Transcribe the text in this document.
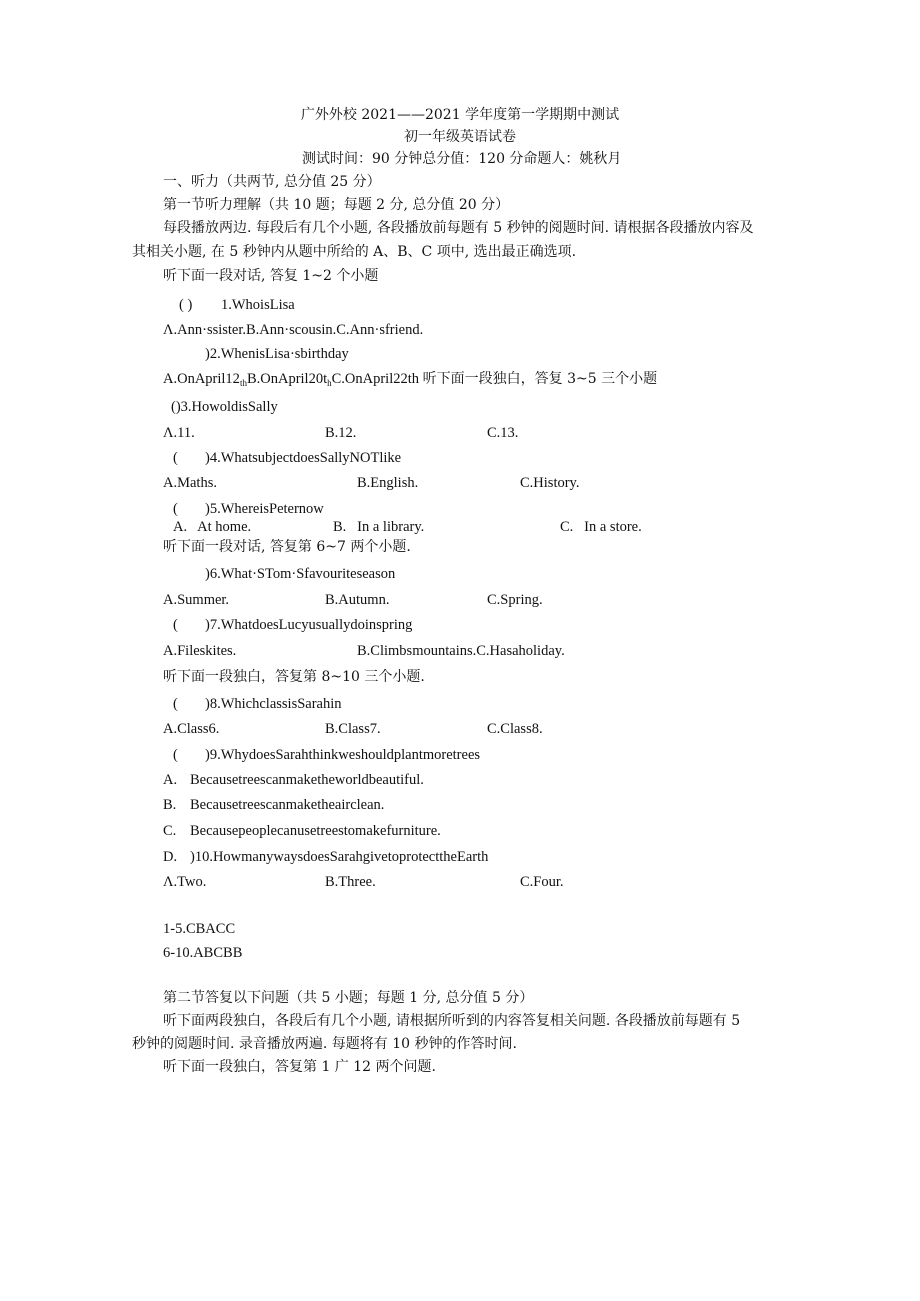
广外外校 2021——2021 学年度第一学期期中测试
初一年级英语试卷
测试时间：90 分钟总分值：120 分命题人：姚秋月
一、听力（共两节, 总分值 25 分）
第一节听力理解（共 10 题；每题 2 分, 总分值 20 分）
每段播放两边. 每段后有几个小题, 各段播放前每题有 5 秒钟的阅题时间. 请根据各段播放内容及
其相关小题, 在 5 秒钟内从题中所给的 A、B、C 项中, 选出最正确选项.
听下面一段对话, 答复 1~2 个小题
( ) 1.WhoisLisa
Λ.Ann·ssister.B.Ann·scousin.C.Ann·sfriend.
)2.WhenisLisa·sbirthday
$A.OnApril12_{th}B.OnApril20t_hC.OnApril22th$ 听下面一段独白，答复 3~5 三个小题
()3.HowoldisSally
Λ.11.	B.12.	C.13.
( )4.WhatsubjectdoesSallyNOTlike
A.Maths.	B.English.	C.History.
( )5.WhereisPeternow
A.   At home.	B.   In a library.	C.   In a store.
听下面一段对话, 答复第 6~7 两个小题.
)6.What·STom·Sfavouriteseason
A.Summer.	B.Autumn.	C.Spring.
( )7.WhatdoesLucyusuallydoinspring
A.Fileskites.	B.Climbsmountains.C.Hasaholiday.
听下面一段独白，答复第 8~10 三个小题.
( )8.WhichclassisSarahin
A.Class6.	B.Class7.	C.Class8.
( )9.WhydoesSarahthinkweshouldplantmoretrees
A. Becausetreescanmaketheworldbeautiful.
B. Becausetreescanmaketheairclean.
C. Becausepeoplecanusetreestomakefurniture.
D. )10.HowmanywaysdoesSarahgivetoprotecttheEarth
Λ.Two.	B.Three.	C.Four.
1-5.CBACC
6-10.ABCBB
第二节答复以下问题（共 5 小题；每题 1 分, 总分值 5 分）
听下面两段独白，各段后有几个小题, 请根据所听到的内容答复相关问题. 各段播放前每题有 5
秒钟的阅题时间. 录音播放两遍. 每题将有 10 秒钟的作答时间.
听下面一段独白，答复第 1 广 12 两个问题.
